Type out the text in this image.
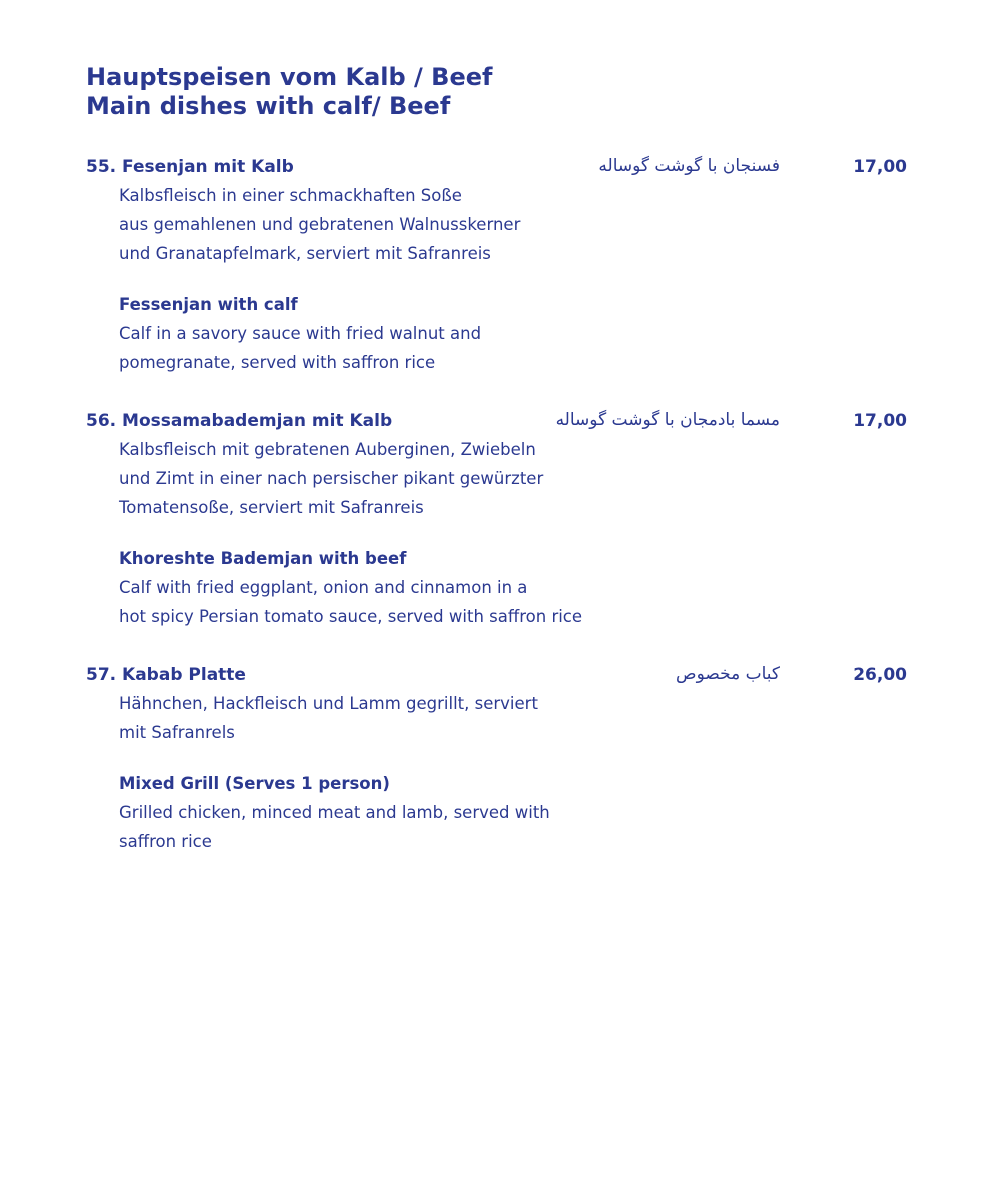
Hauptspeisen vom Kalb / Beef
Main dishes with calf/ Beef
55. Fesenjan mit Kalb	فسنجان با گوشت گوساله	17,00
Kalbsfleisch in einer schmackhaften Soße
aus gemahlenen und gebratenen Walnusskerner
und Granatapfelmark, serviert mit Safranreis
Fessenjan with calf
Calf in a savory sauce with fried walnut and
pomegranate, served with saffron rice
56. Mossamabademjan mit Kalb	مسما بادمجان با گوشت گوساله	17,00
Kalbsfleisch mit gebratenen Auberginen, Zwiebeln
und Zimt in einer nach persischer pikant gewürzter
Tomatensoße, serviert mit Safranreis
Khoreshte Bademjan with beef
Calf with fried eggplant, onion and cinnamon in a
hot spicy Persian tomato sauce, served with saffron rice
57. Kabab Platte	کباب مخصوص	26,00
Hähnchen, Hackfleisch und Lamm gegrillt, serviert
mit Safranrels
Mixed Grill (Serves 1 person)
Grilled chicken, minced meat and lamb, served with
saffron rice
